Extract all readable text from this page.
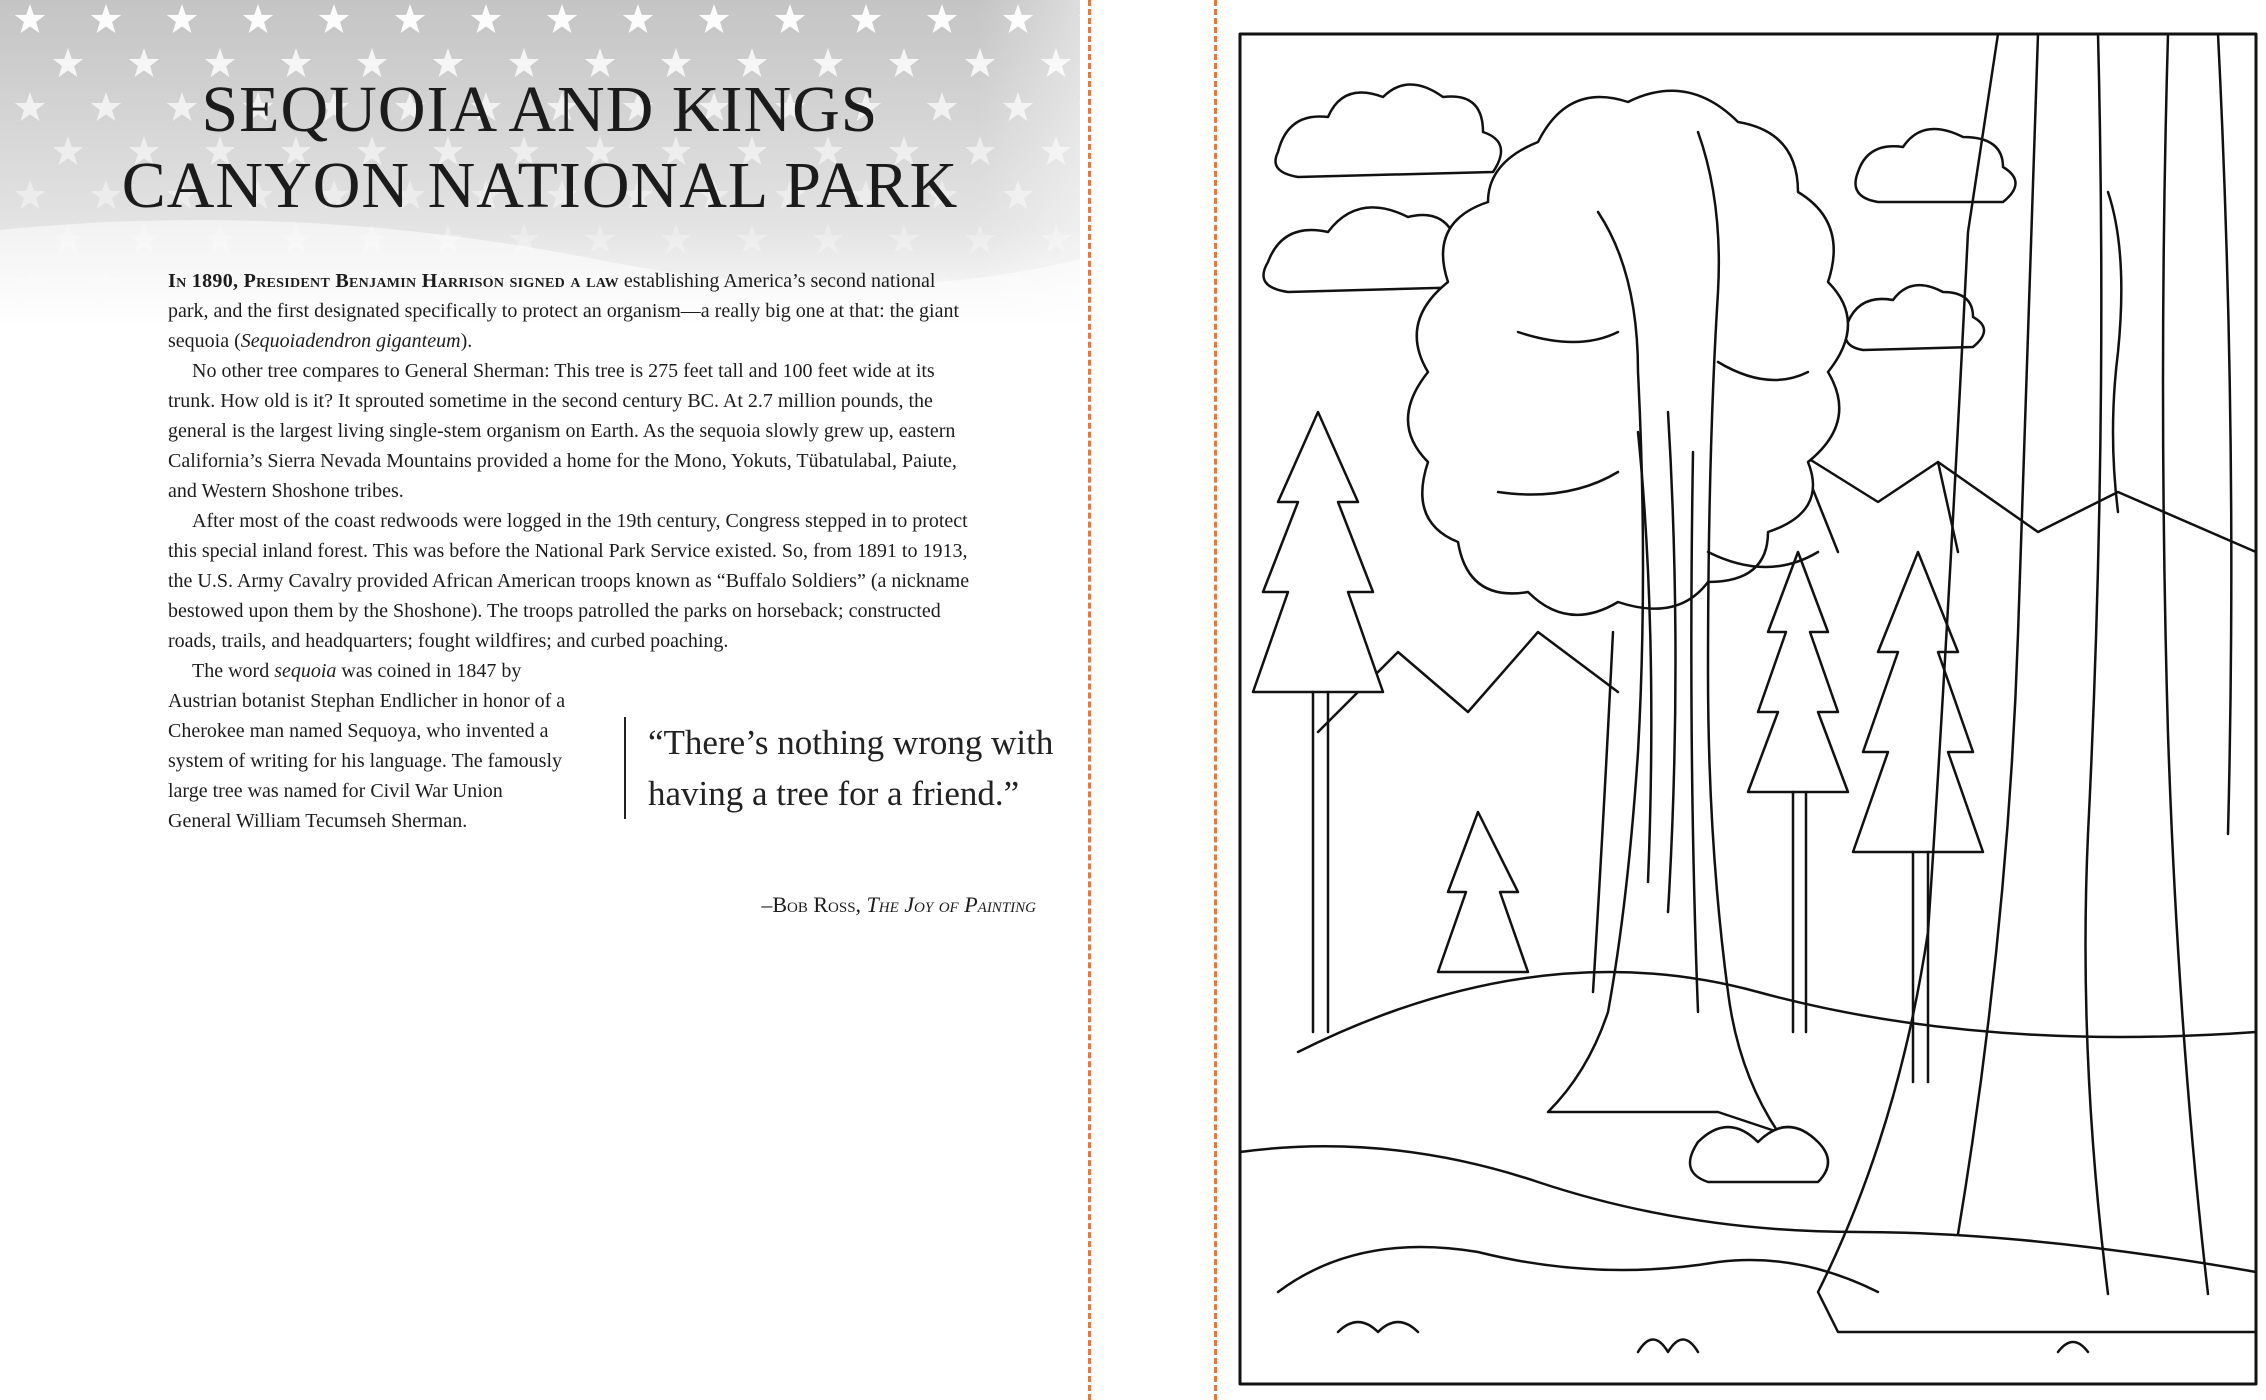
SEQUOIA AND KINGS
CANYON NATIONAL PARK

In 1890, President Benjamin Harrison signed a law establishing America’s second national park, and the first designated specifically to protect an organism—a really big one at that: the giant sequoia (Sequoiadendron giganteum).

No other tree compares to General Sherman: This tree is 275 feet tall and 100 feet wide at its trunk. How old is it? It sprouted sometime in the second century BC. At 2.7 million pounds, the general is the largest living single-stem organism on Earth. As the sequoia slowly grew up, eastern California’s Sierra Nevada Mountains provided a home for the Mono, Yokuts, Tübatulabal, Paiute, and Western Shoshone tribes.

After most of the coast redwoods were logged in the 19th century, Congress stepped in to protect this special inland forest. This was before the National Park Service existed. So, from 1891 to 1913, the U.S. Army Cavalry provided African American troops known as “Buffalo Soldiers” (a nickname bestowed upon them by the Shoshone). The troops patrolled the parks on horseback; constructed roads, trails, and headquarters; fought wildfires; and curbed poaching.

The word sequoia was coined in 1847 by Austrian botanist Stephan Endlicher in honor of a Cherokee man named Sequoya, who invented a system of writing for his language. The famously large tree was named for Civil War Union General William Tecumseh Sherman.

“There’s nothing wrong with having a tree for a friend.”
–Bob Ross, The Joy of Painting
